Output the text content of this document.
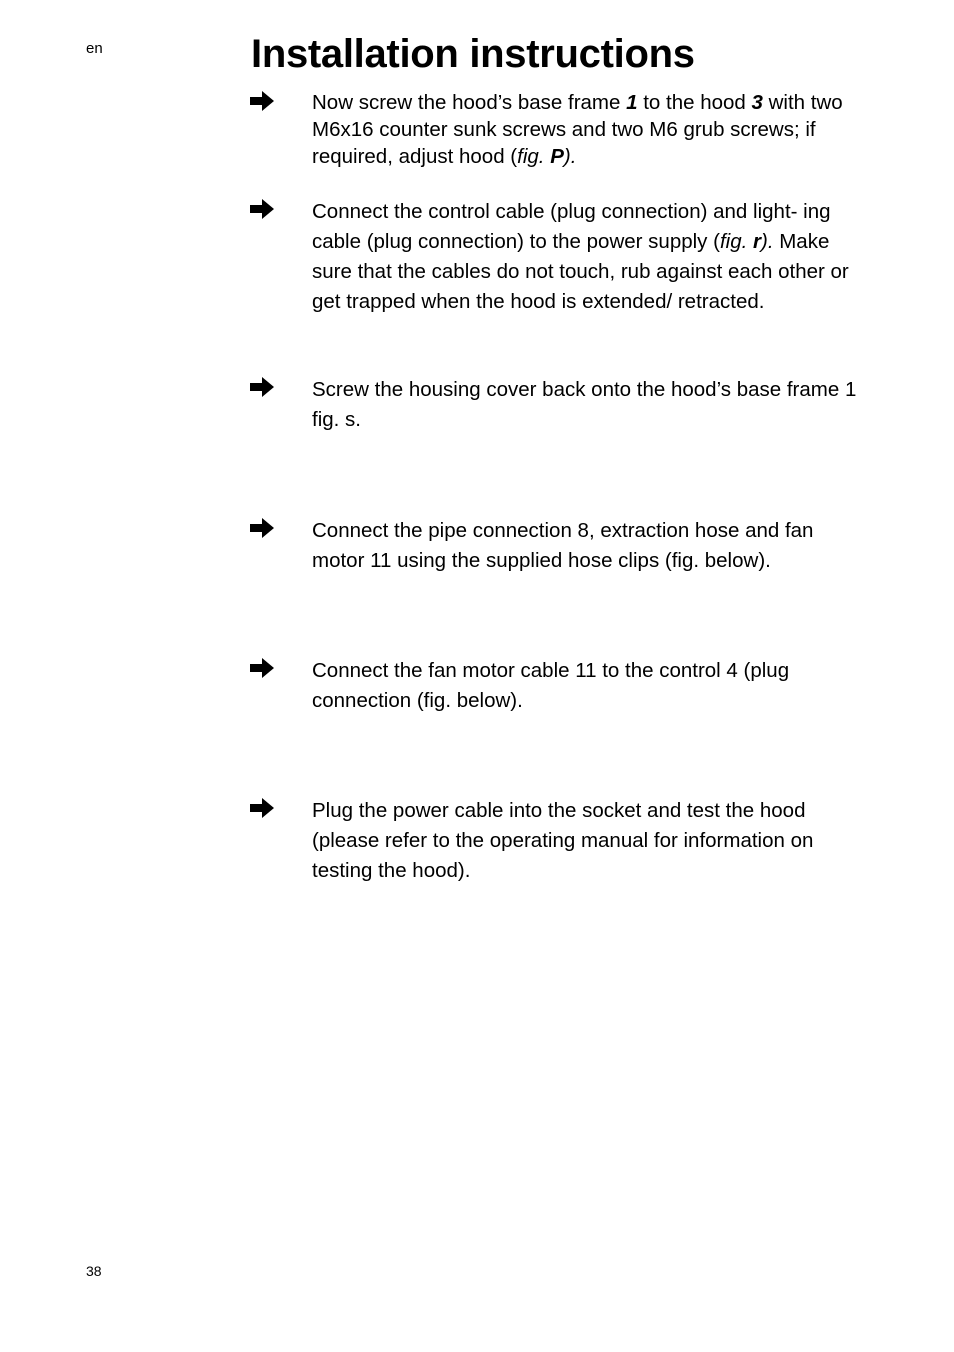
en	Installation instructions
Now screw the hood’s base frame 1 to the hood 3 with two M6x16 counter sunk screws and two M6 grub screws; if required, adjust hood (fig. P).
Connect the control cable (plug connection) and light- ing cable (plug connection) to the power supply (fig. r). Make sure that the cables do not touch, rub against each other or get trapped when the hood is extended/ retracted.
Screw the housing cover back onto the hood’s base frame 1 fig. s.
Connect the pipe connection 8, extraction hose and fan motor 11 using the supplied hose clips (fig. below).
Connect the fan motor cable 11 to the control 4 (plug connection (fig. below).
Plug the power cable into the socket and test the hood (please refer to the operating manual for information on testing the hood).
38
